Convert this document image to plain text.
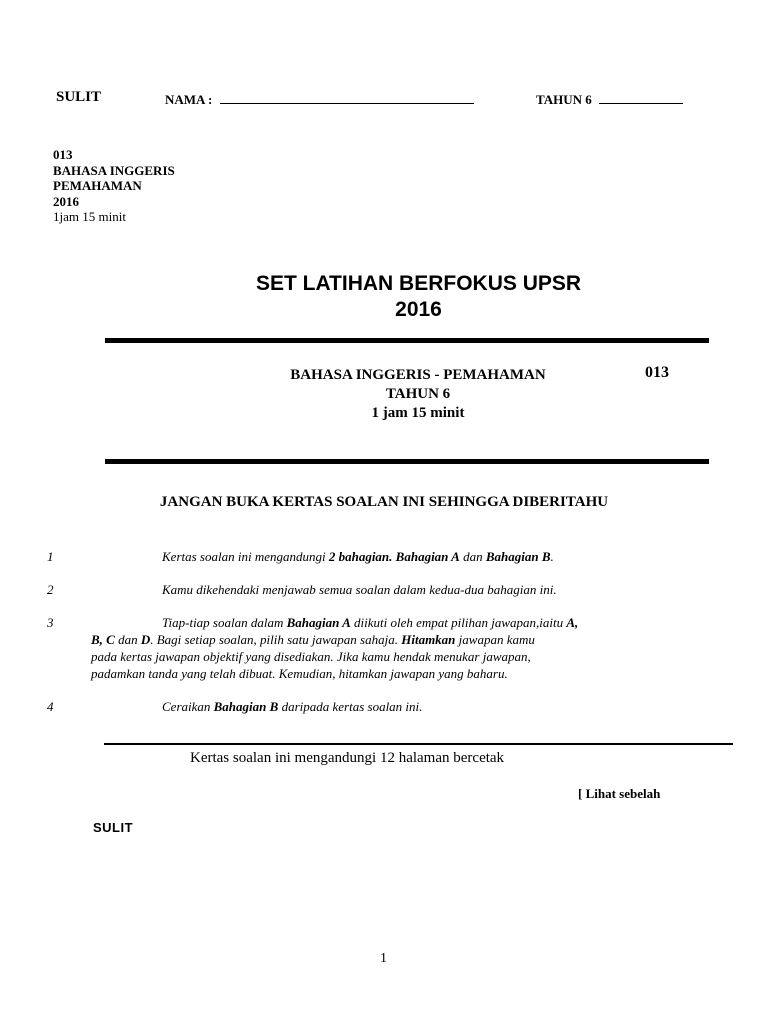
SULIT	NAMA :	TAHUN 6
013
BAHASA INGGERIS
PEMAHAMAN
2016
1jam 15 minit
SET LATIHAN BERFOKUS UPSR
2016
BAHASA INGGERIS - PEMAHAMAN
TAHUN 6
1 jam 15 minit
013
JANGAN BUKA KERTAS SOALAN INI SEHINGGA DIBERITAHU
1	Kertas soalan ini mengandungi 2 bahagian. Bahagian A dan Bahagian B.
2	Kamu dikehendaki menjawab semua soalan dalam kedua-dua bahagian ini.
3	Tiap-tiap soalan dalam Bahagian A diikuti oleh empat pilihan jawapan,iaitu A,
B, C dan D. Bagi setiap soalan, pilih satu jawapan sahaja. Hitamkan jawapan kamu
pada kertas jawapan objektif yang disediakan. Jika kamu hendak menukar jawapan,
padamkan tanda yang telah dibuat. Kemudian, hitamkan jawapan yang baharu.
4	Ceraikan Bahagian B daripada kertas soalan ini.
Kertas soalan ini mengandungi 12 halaman bercetak
[ Lihat sebelah
SULIT
1
